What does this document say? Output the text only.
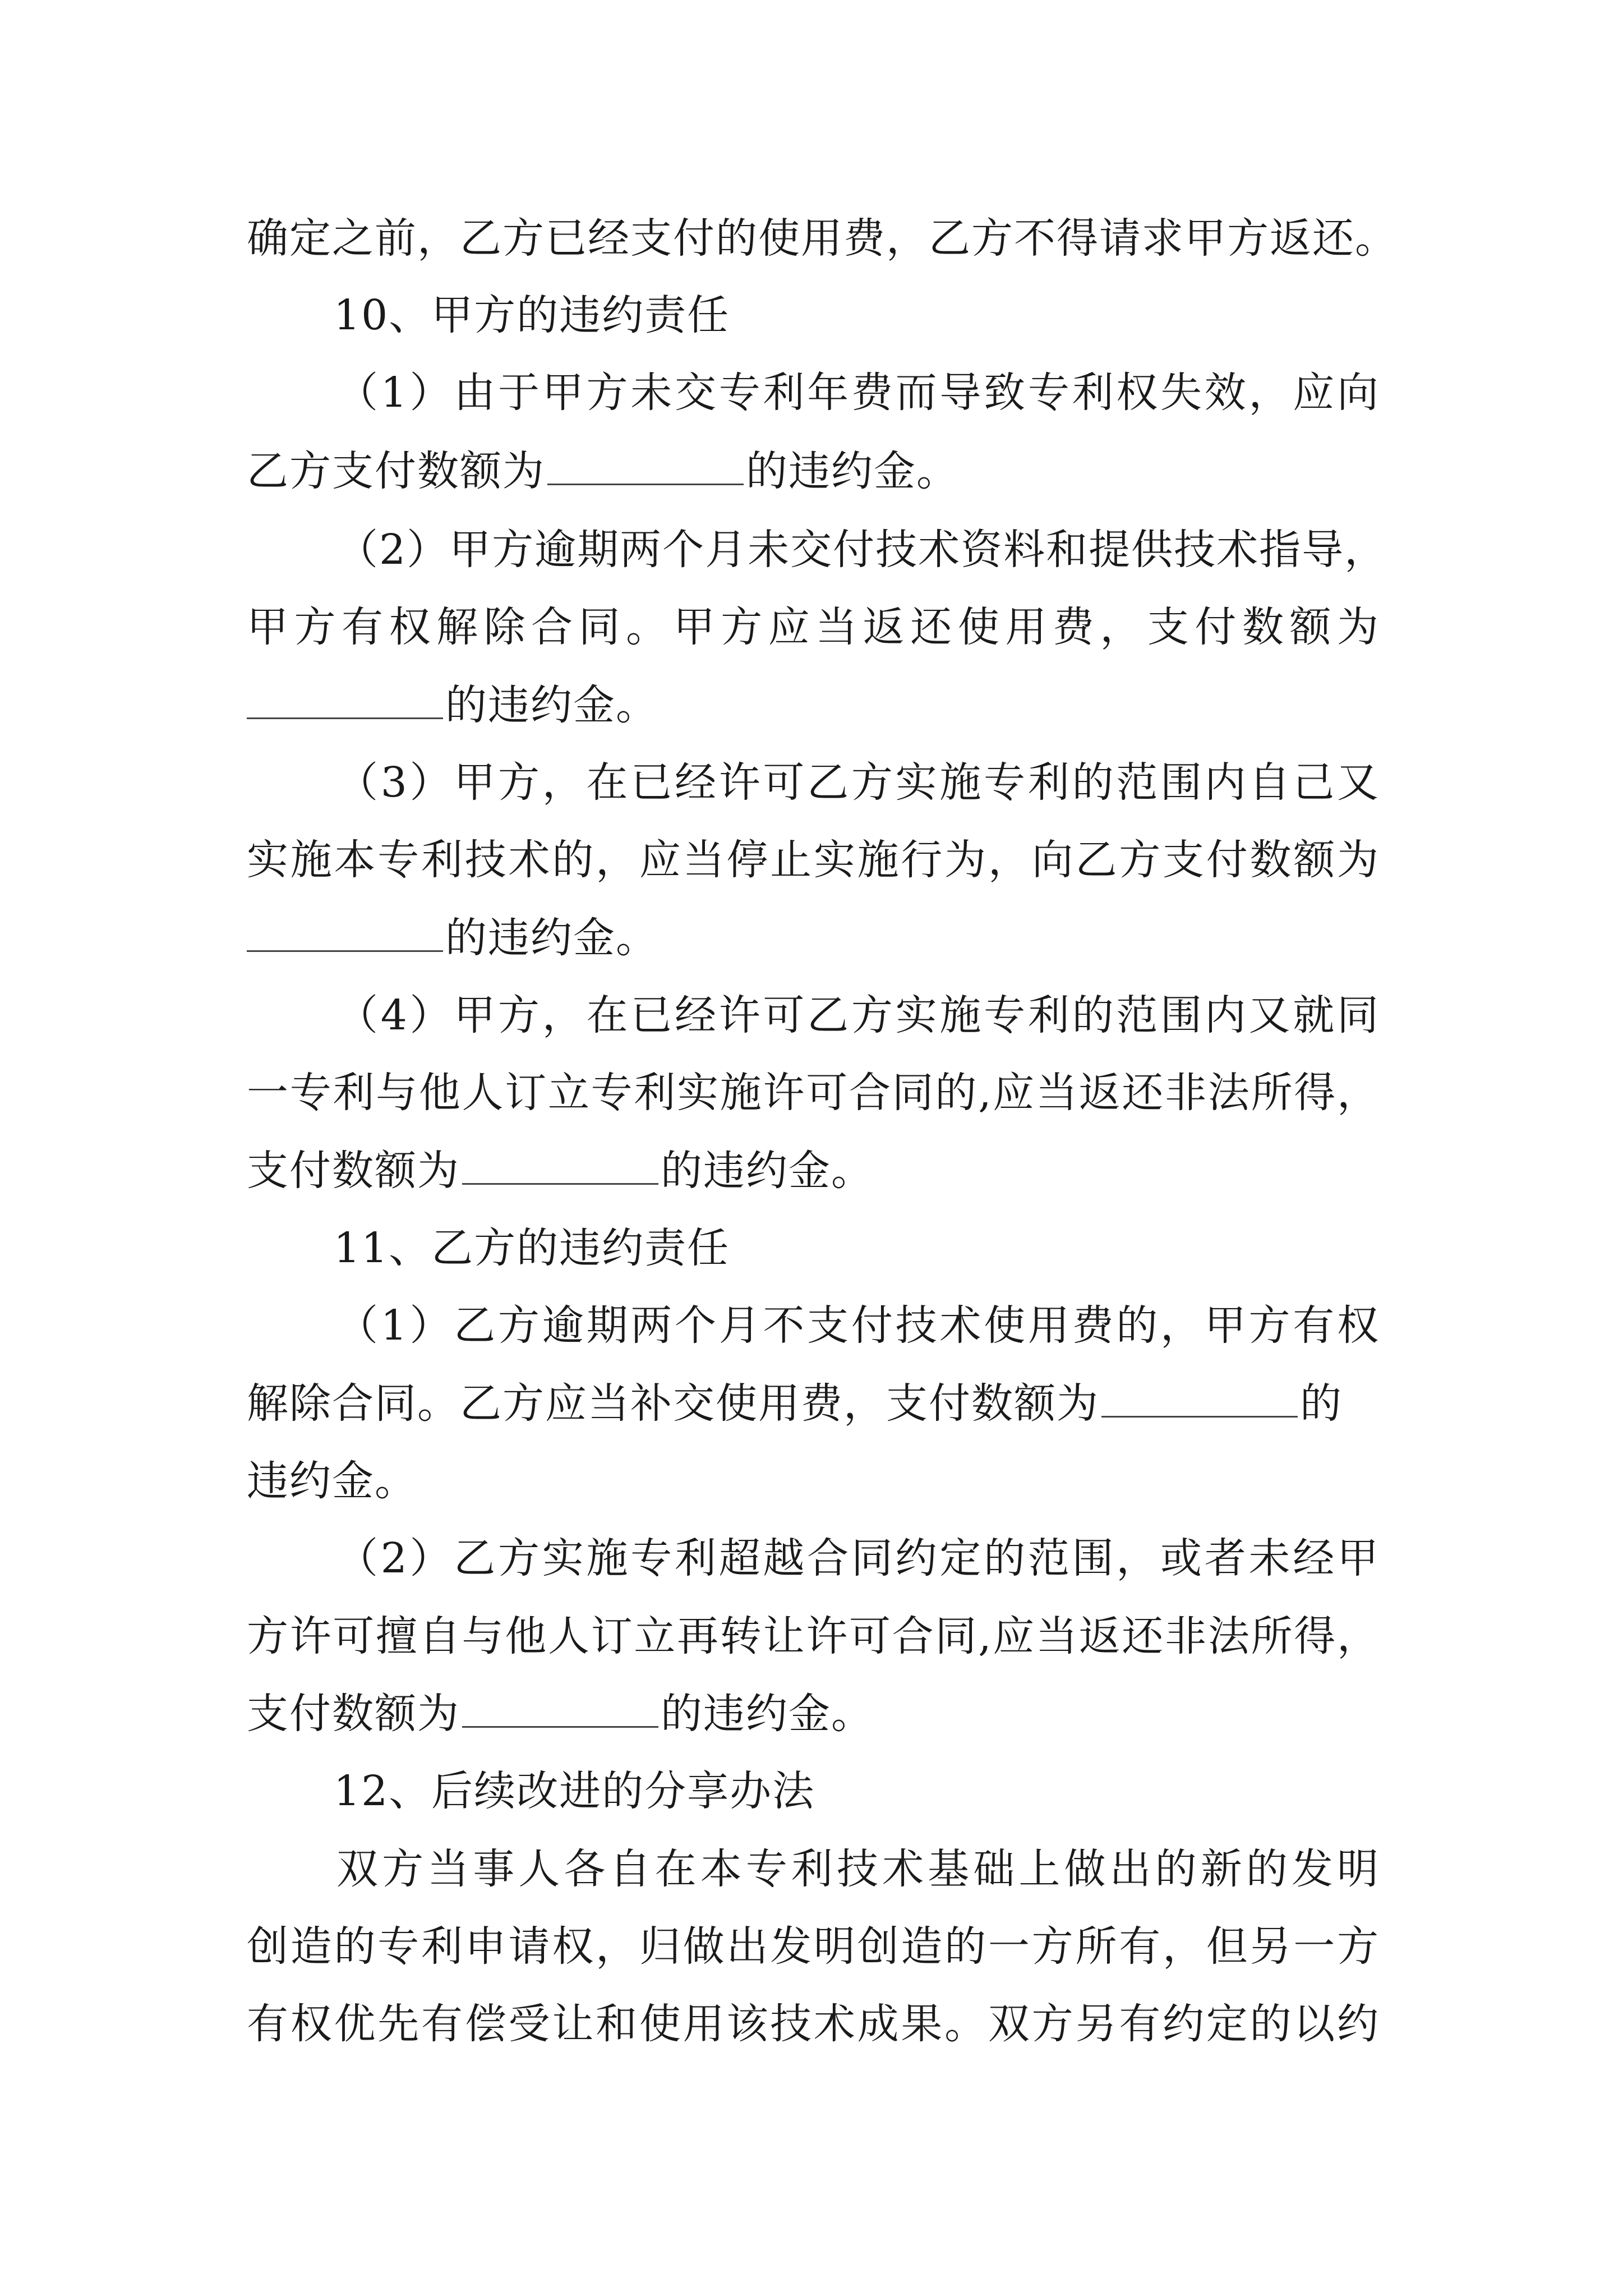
确定之前，乙方已经支付的使用费，乙方不得请求甲方返还。
10、甲方的违约责任
（1）由于甲方未交专利年费而导致专利权失效，应向
乙方支付数额为	的违约金。
（2）甲方逾期两个月未交付技术资料和提供技术指导，
甲方有权解除合同。甲方应当返还使用费，支付数额为
的违约金。
（3）甲方，在已经许可乙方实施专利的范围内自己又
实施本专利技术的，应当停止实施行为，向乙方支付数额为
的违约金。
（4）甲方，在已经许可乙方实施专利的范围内又就同
一专利与他人订立专利实施许可合同的,应当返还非法所得，
支付数额为	的违约金。
11、乙方的违约责任
（1）乙方逾期两个月不支付技术使用费的，甲方有权
解除合同。乙方应当补交使用费，支付数额为	的
违约金。
（2）乙方实施专利超越合同约定的范围，或者未经甲
方许可擅自与他人订立再转让许可合同,应当返还非法所得，
支付数额为	的违约金。
12、后续改进的分享办法
双方当事人各自在本专利技术基础上做出的新的发明
创造的专利申请权，归做出发明创造的一方所有，但另一方
有权优先有偿受让和使用该技术成果。双方另有约定的以约
